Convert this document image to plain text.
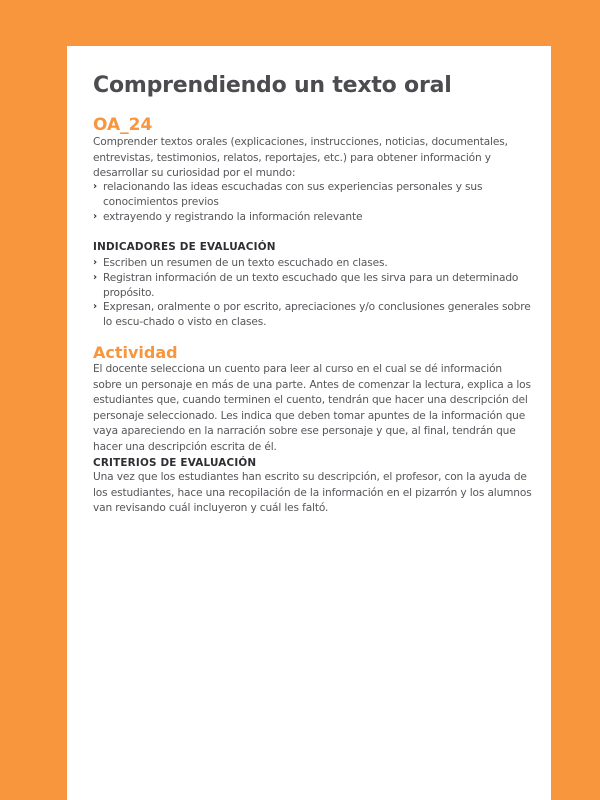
Comprendiendo un texto oral
OA_24

Comprender textos orales (explicaciones, instrucciones, noticias, documentales, entrevistas, testimonios, relatos, reportajes, etc.) para obtener información y desarrollar su curiosidad por el mundo:

› relacionando las ideas escuchadas con sus experiencias personales y sus conocimientos previos
› extrayendo y registrando la información relevante
INDICADORES DE EVALUACIÓN
› Escriben un resumen de un texto escuchado en clases.
› Registran información de un texto escuchado que les sirva para un determinado propósito.
› Expresan, oralmente o por escrito, apreciaciones y/o conclusiones generales sobre lo escu-chado o visto en clases.
Actividad

El docente selecciona un cuento para leer al curso en el cual se dé información sobre un personaje en más de una parte. Antes de comenzar la lectura, explica a los estudiantes que, cuando terminen el cuento, tendrán que hacer una descripción del personaje seleccionado. Les indica que deben tomar apuntes de la información que vaya apareciendo en la narración sobre ese personaje y que, al final, tendrán que hacer una descripción escrita de él.

CRITERIOS DE EVALUACIÓN

Una vez que los estudiantes han escrito su descripción, el profesor, con la ayuda de los estudiantes, hace una recopilación de la información en el pizarrón y los alumnos van revisando cuál incluyeron y cuál les faltó.
